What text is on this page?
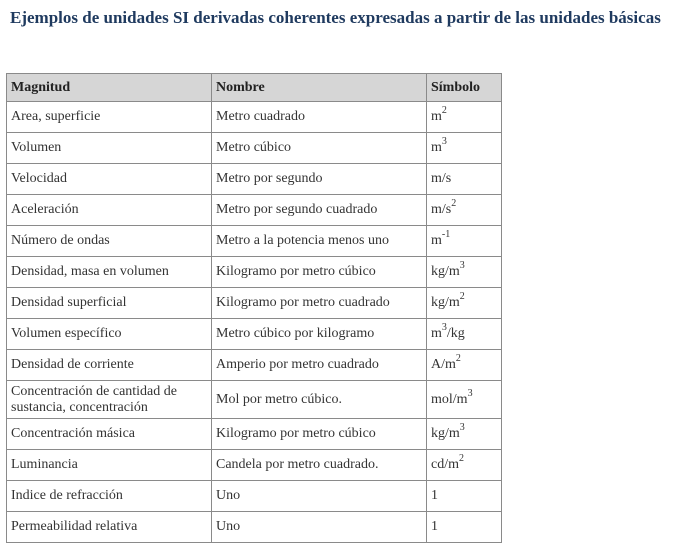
Ejemplos de unidades SI derivadas coherentes expresadas a partir de las unidades básicas
Magnitud	Nombre	Símbolo
Area, superficie	Metro cuadrado	$m^2$
Volumen	Metro cúbico	$m^3$
Velocidad	Metro por segundo	m/s
Aceleración	Metro por segundo cuadrado	$m/s^2$
Número de ondas	Metro a la potencia menos uno	$m^{-1}$
Densidad, masa en volumen	Kilogramo por metro cúbico	$kg/m^3$
Densidad superficial	Kilogramo por metro cuadrado	$kg/m^2$
Volumen específico	Metro cúbico por kilogramo	$m^3/kg$
Densidad de corriente	Amperio por metro cuadrado	$A/m^2$
Concentración de cantidad de sustancia, concentración	Mol por metro cúbico.	mol/$m^3$
Concentración másica	Kilogramo por metro cúbico	$kg/m^3$
Luminancia	Candela por metro cuadrado.	$cd/m^2$
Indice de refracción	Uno	1
Permeabilidad relativa	Uno	1
